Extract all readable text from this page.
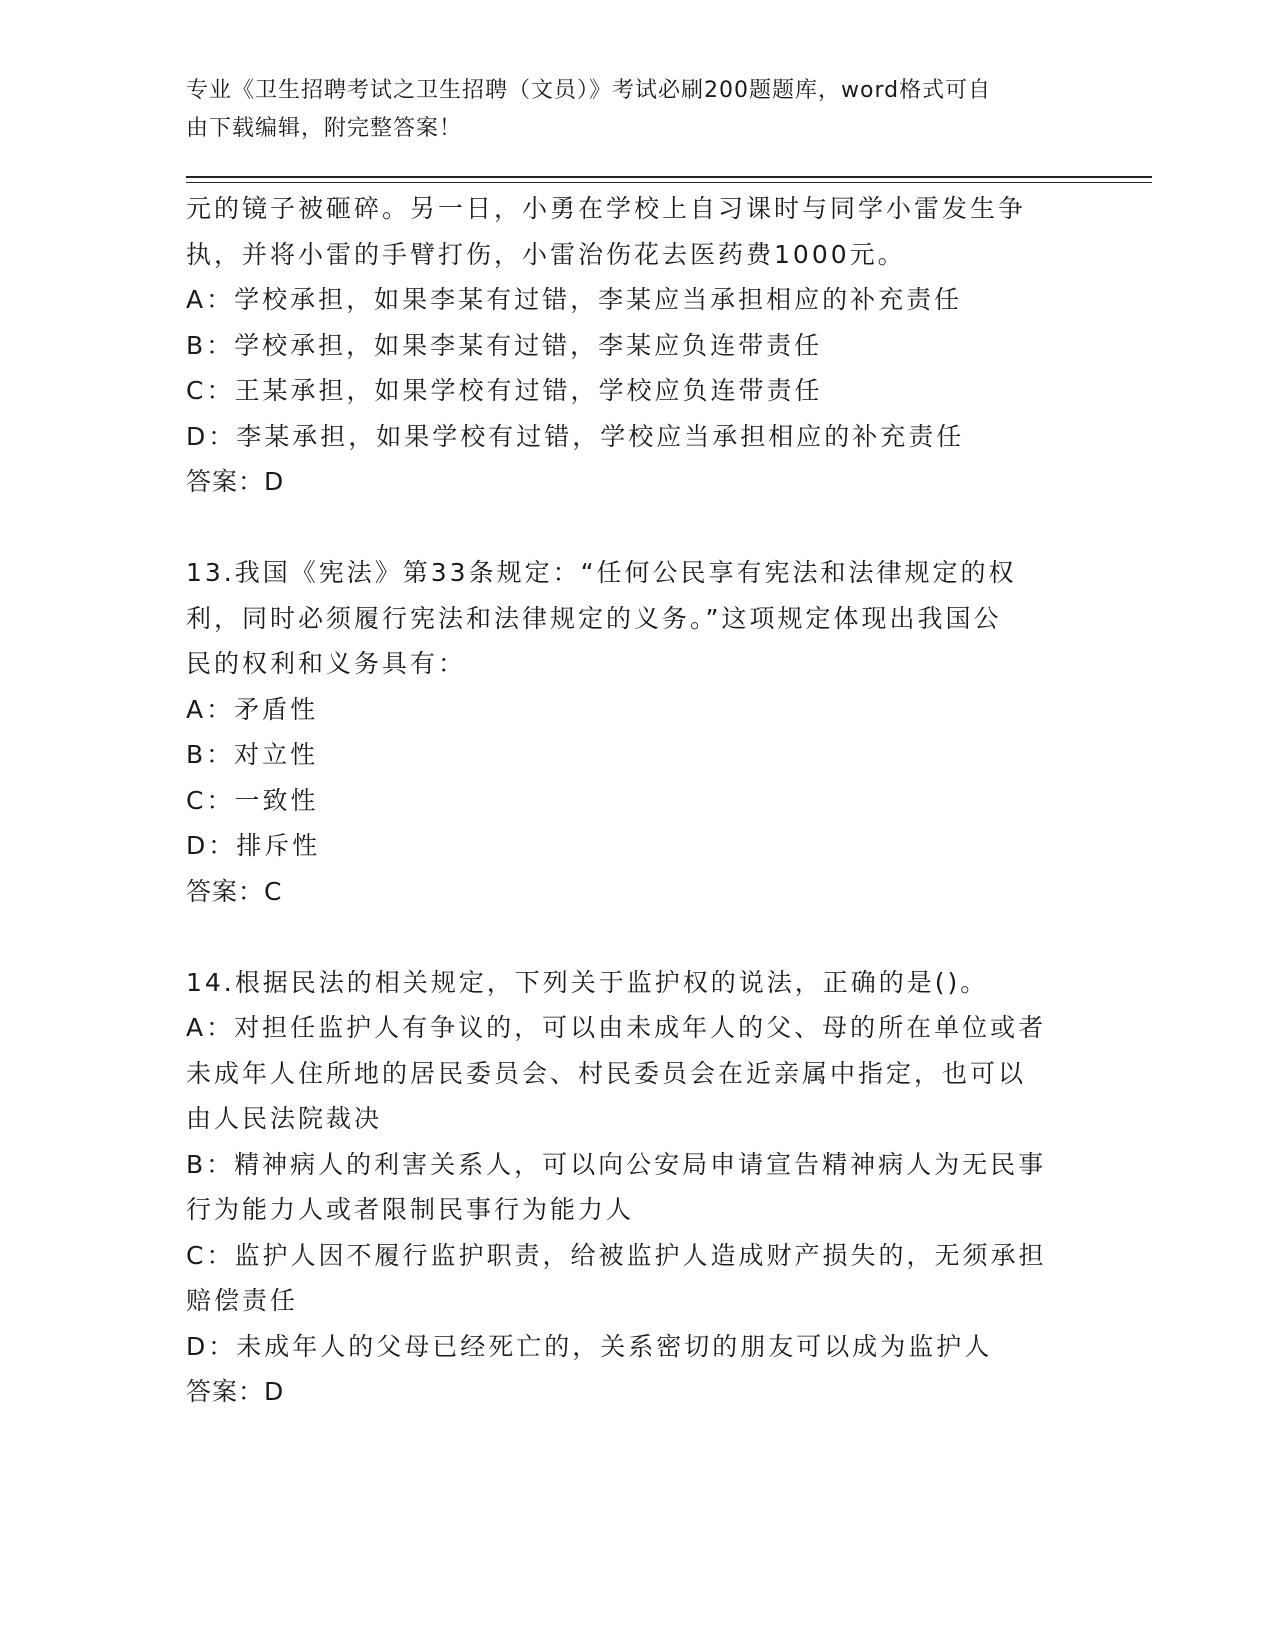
专业《卫生招聘考试之卫生招聘（文员）》考试必刷200题题库，word格式可自
由下载编辑，附完整答案！
元的镜子被砸碎。另一日，小勇在学校上自习课时与同学小雷发生争
执，并将小雷的手臂打伤，小雷治伤花去医药费1000元。
A：学校承担，如果李某有过错，李某应当承担相应的补充责任
B：学校承担，如果李某有过错，李某应负连带责任
C：王某承担，如果学校有过错，学校应负连带责任
D：李某承担，如果学校有过错，学校应当承担相应的补充责任
答案：D
13.我国《宪法》第33条规定：“任何公民享有宪法和法律规定的权
利，同时必须履行宪法和法律规定的义务。”这项规定体现出我国公
民的权利和义务具有：
A：矛盾性
B：对立性
C：一致性
D：排斥性
答案：C
14.根据民法的相关规定，下列关于监护权的说法，正确的是()。
A：对担任监护人有争议的，可以由未成年人的父、母的所在单位或者
未成年人住所地的居民委员会、村民委员会在近亲属中指定，也可以
由人民法院裁决
B：精神病人的利害关系人，可以向公安局申请宣告精神病人为无民事
行为能力人或者限制民事行为能力人
C：监护人因不履行监护职责，给被监护人造成财产损失的，无须承担
赔偿责任
D：未成年人的父母已经死亡的，关系密切的朋友可以成为监护人
答案：D
